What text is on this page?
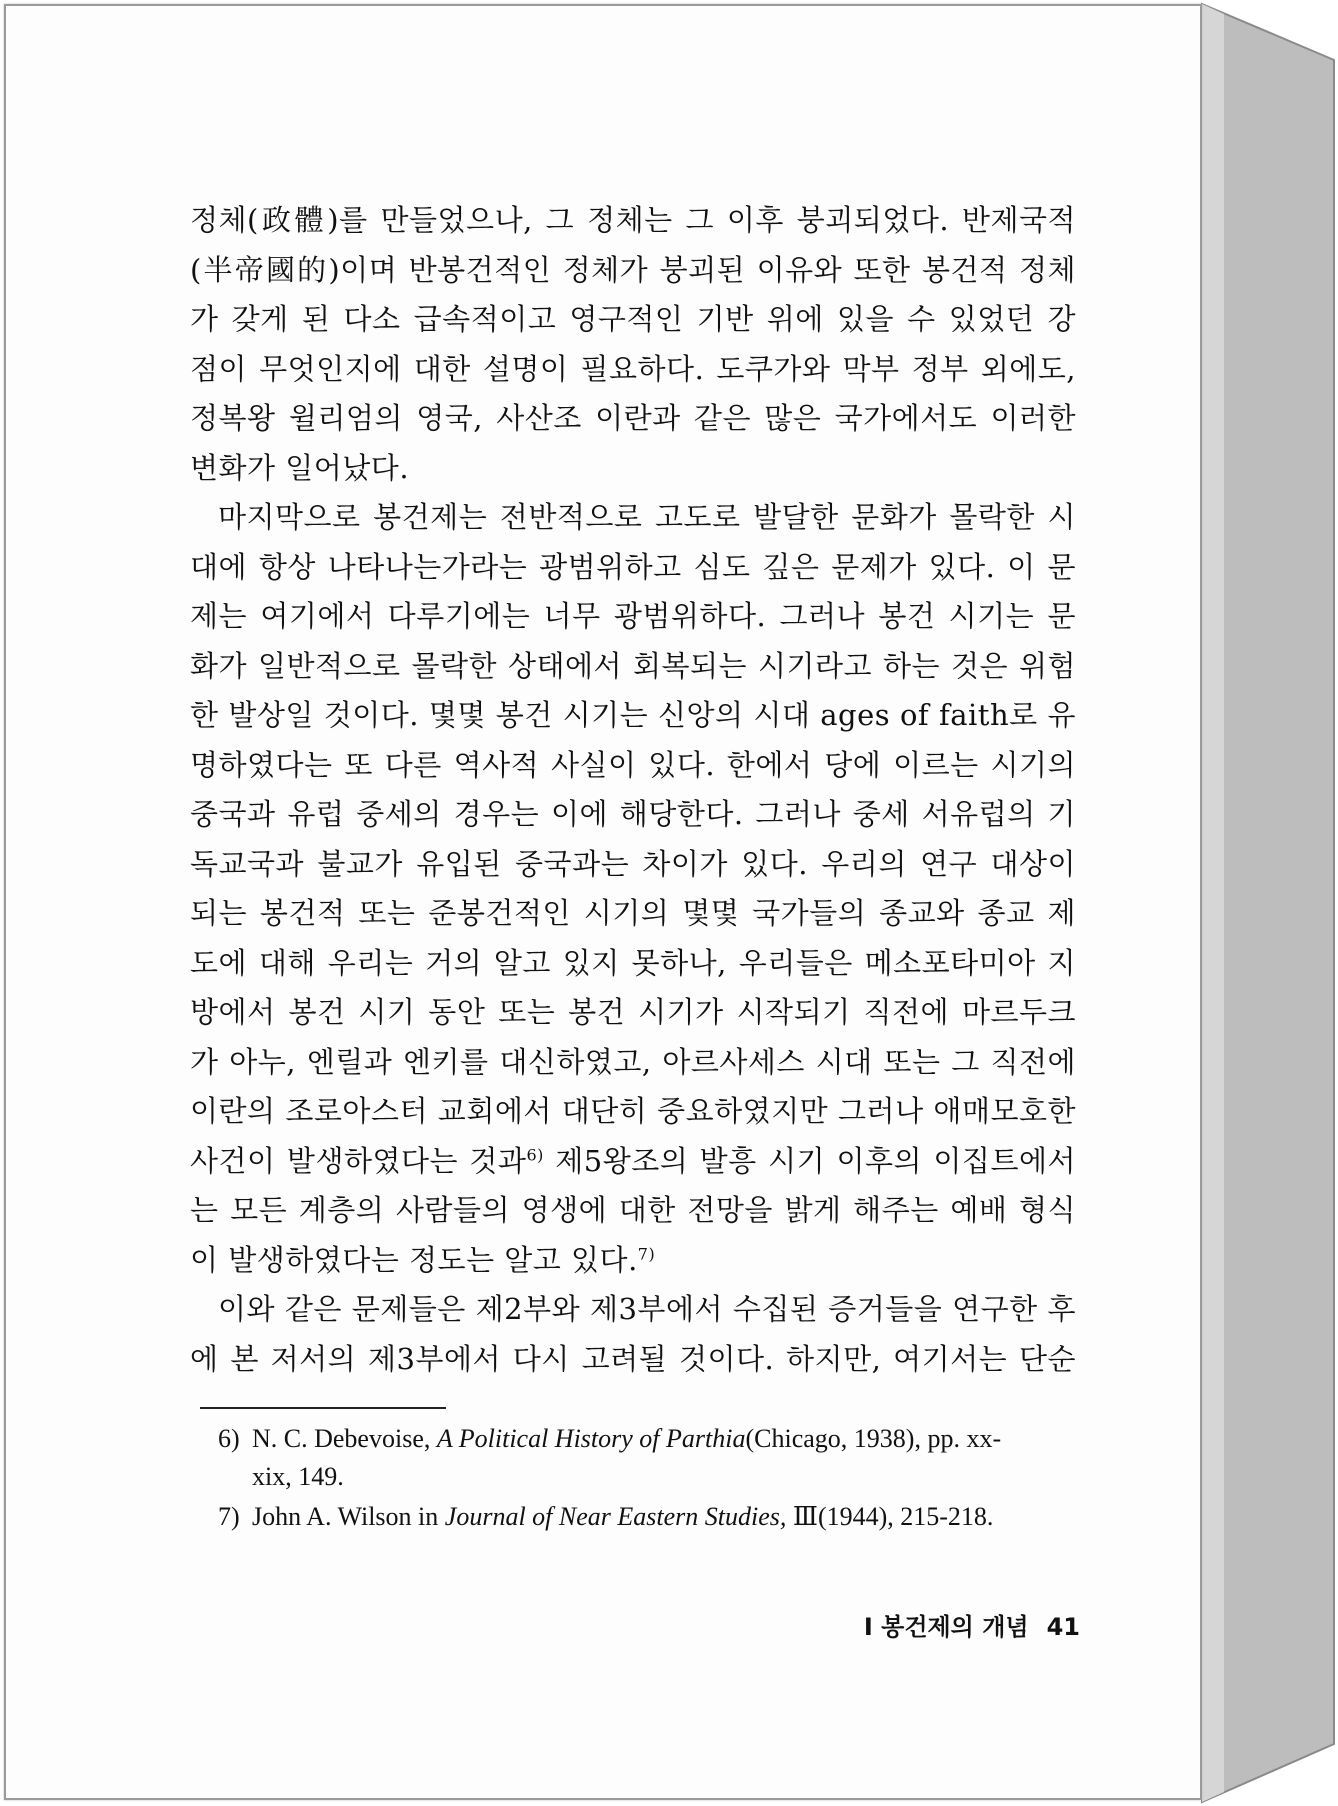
정체(政體)를 만들었으나, 그 정체는 그 이후 붕괴되었다. 반제국적
(半帝國的)이며 반봉건적인 정체가 붕괴된 이유와 또한 봉건적 정체
가 갖게 된 다소 급속적이고 영구적인 기반 위에 있을 수 있었던 강
점이 무엇인지에 대한 설명이 필요하다. 도쿠가와 막부 정부 외에도,
정복왕 윌리엄의 영국, 사산조 이란과 같은 많은 국가에서도 이러한
변화가 일어났다.
마지막으로 봉건제는 전반적으로 고도로 발달한 문화가 몰락한 시
대에 항상 나타나는가라는 광범위하고 심도 깊은 문제가 있다. 이 문
제는 여기에서 다루기에는 너무 광범위하다. 그러나 봉건 시기는 문
화가 일반적으로 몰락한 상태에서 회복되는 시기라고 하는 것은 위험
한 발상일 것이다. 몇몇 봉건 시기는 신앙의 시대 ages of faith로 유
명하였다는 또 다른 역사적 사실이 있다. 한에서 당에 이르는 시기의
중국과 유럽 중세의 경우는 이에 해당한다. 그러나 중세 서유럽의 기
독교국과 불교가 유입된 중국과는 차이가 있다. 우리의 연구 대상이
되는 봉건적 또는 준봉건적인 시기의 몇몇 국가들의 종교와 종교 제
도에 대해 우리는 거의 알고 있지 못하나, 우리들은 메소포타미아 지
방에서 봉건 시기 동안 또는 봉건 시기가 시작되기 직전에 마르두크
가 아누, 엔릴과 엔키를 대신하였고, 아르사세스 시대 또는 그 직전에
이란의 조로아스터 교회에서 대단히 중요하였지만 그러나 애매모호한
사건이 발생하였다는 것과$^{6)}$ 제5왕조의 발흥 시기 이후의 이집트에서
는 모든 계층의 사람들의 영생에 대한 전망을 밝게 해주는 예배 형식
이 발생하였다는 정도는 알고 있다.$^{7)}$
이와 같은 문제들은 제2부와 제3부에서 수집된 증거들을 연구한 후
에 본 저서의 제3부에서 다시 고려될 것이다. 하지만, 여기서는 단순

6) N. C. Debevoise, A Political History of Parthia(Chicago, 1938), pp. xx-
xix, 149.

7) John A. Wilson in Journal of Near Eastern Studies, Ⅲ(1944), 215-218.

Ⅰ 봉건제의 개념 41
